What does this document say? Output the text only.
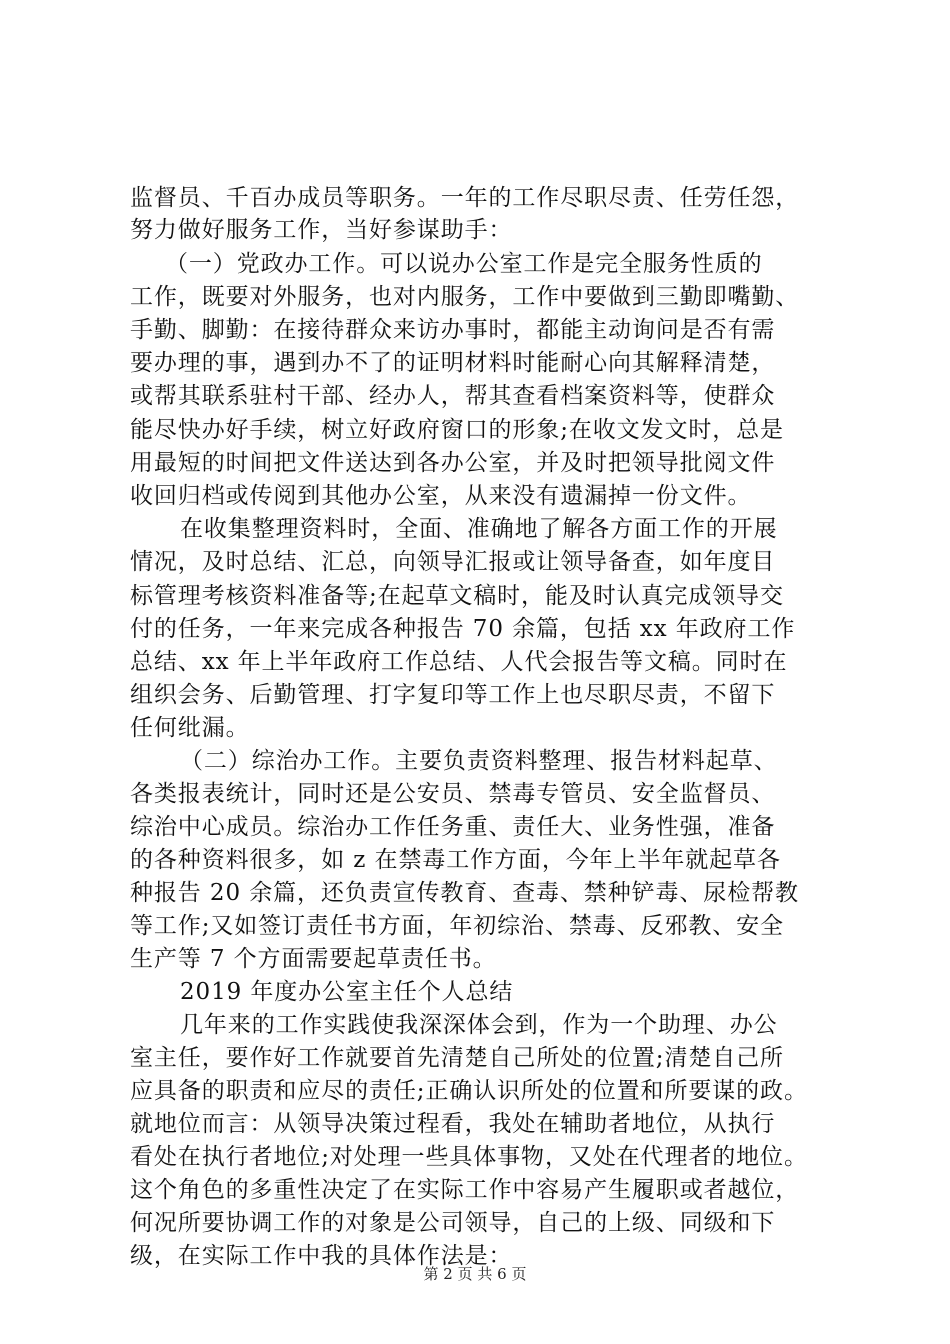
监督员、千百办成员等职务。一年的工作尽职尽责、任劳任怨，
努力做好服务工作，当好参谋助手：
（一）党政办工作。可以说办公室工作是完全服务性质的
工作，既要对外服务，也对内服务，工作中要做到三勤即嘴勤、
手勤、脚勤：在接待群众来访办事时，都能主动询问是否有需
要办理的事，遇到办不了的证明材料时能耐心向其解释清楚，
或帮其联系驻村干部、经办人，帮其查看档案资料等，使群众
能尽快办好手续，树立好政府窗口的形象;在收文发文时，总是
用最短的时间把文件送达到各办公室，并及时把领导批阅文件
收回归档或传阅到其他办公室，从来没有遗漏掉一份文件。
在收集整理资料时，全面、准确地了解各方面工作的开展
情况，及时总结、汇总，向领导汇报或让领导备查，如年度目
标管理考核资料准备等;在起草文稿时，能及时认真完成领导交
付的任务，一年来完成各种报告 70 余篇，包括 xx 年政府工作
总结、xx 年上半年政府工作总结、人代会报告等文稿。同时在
组织会务、后勤管理、打字复印等工作上也尽职尽责，不留下
任何纰漏。
（二）综治办工作。主要负责资料整理、报告材料起草、
各类报表统计，同时还是公安员、禁毒专管员、安全监督员、
综治中心成员。综治办工作任务重、责任大、业务性强，准备
的各种资料很多，如 z 在禁毒工作方面，今年上半年就起草各
种报告 20 余篇，还负责宣传教育、查毒、禁种铲毒、尿检帮教
等工作;又如签订责任书方面，年初综治、禁毒、反邪教、安全
生产等 7 个方面需要起草责任书。
2019 年度办公室主任个人总结
几年来的工作实践使我深深体会到，作为一个助理、办公
室主任，要作好工作就要首先清楚自己所处的位置;清楚自己所
应具备的职责和应尽的责任;正确认识所处的位置和所要谋的政。
就地位而言：从领导决策过程看，我处在辅助者地位，从执行
看处在执行者地位;对处理一些具体事物，又处在代理者的地位。
这个角色的多重性决定了在实际工作中容易产生履职或者越位，
何况所要协调工作的对象是公司领导，自己的上级、同级和下
级，在实际工作中我的具体作法是：
第 2 页 共 6 页
